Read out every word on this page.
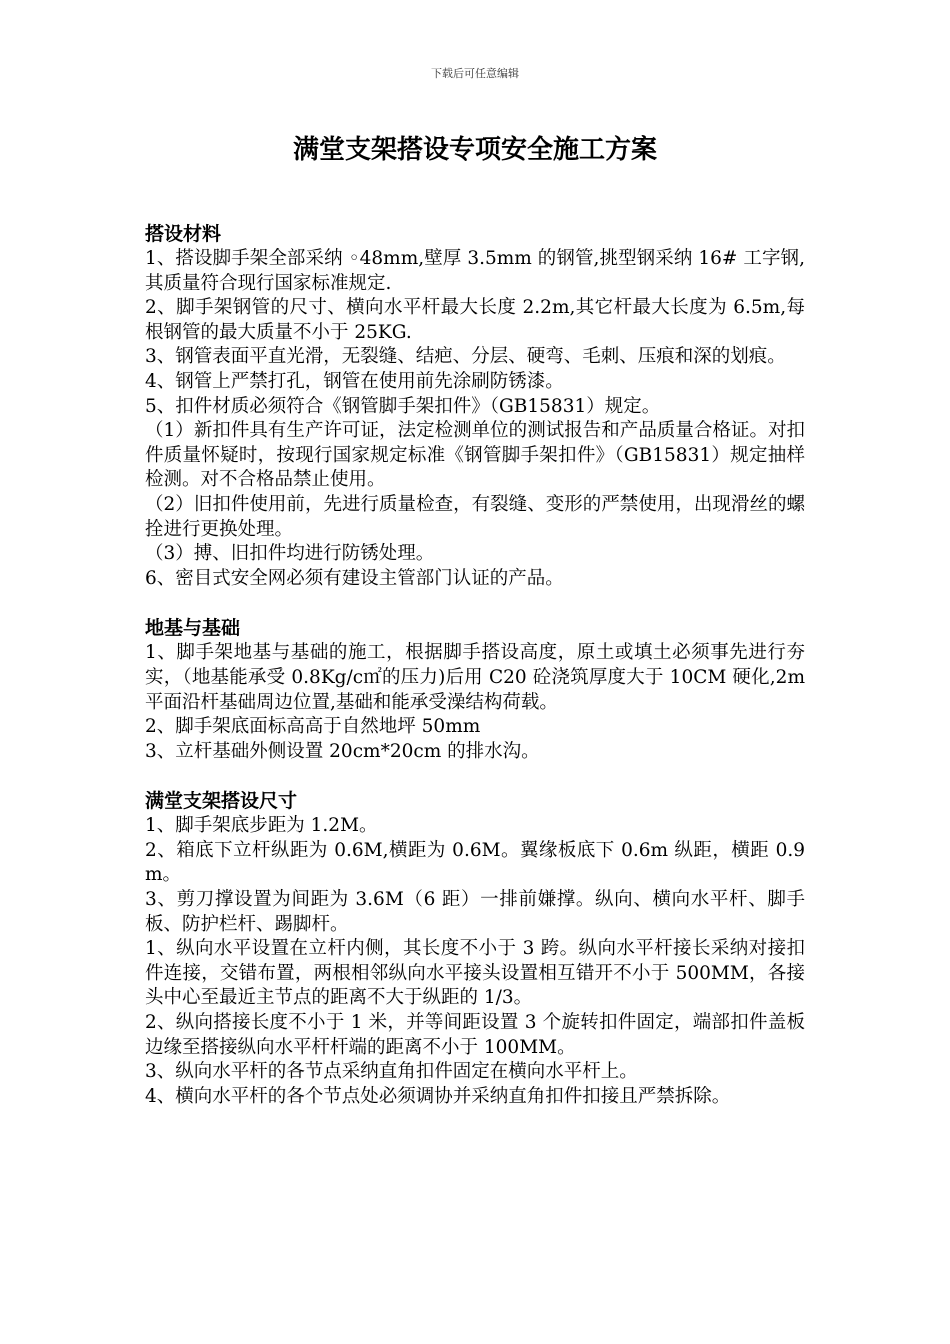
下载后可任意编辑
满堂支架搭设专项安全施工方案

搭设材料

1、搭设脚手架全部采纳 ◦48mm,壁厚 3.5mm 的钢管,挑型钢采纳 16# 工字钢,其质量符合现行国家标准规定.

2、脚手架钢管的尺寸、横向水平杆最大长度 2.2m,其它杆最大长度为 6.5m,每根钢管的最大质量不小于 25KG.

3、钢管表面平直光滑，无裂缝、结疤、分层、硬弯、毛刺、压痕和深的划痕。

4、钢管上严禁打孔，钢管在使用前先涂刷防锈漆。

5、扣件材质必须符合《钢管脚手架扣件》（GB15831）规定。

（1）新扣件具有生产许可证，法定检测单位的测试报告和产品质量合格证。对扣件质量怀疑时，按现行国家规定标准《钢管脚手架扣件》（GB15831）规定抽样检测。对不合格品禁止使用。

（2）旧扣件使用前，先进行质量检查，有裂缝、变形的严禁使用，出现滑丝的螺拴进行更换处理。

（3）搏、旧扣件均进行防锈处理。

6、密目式安全网必须有建设主管部门认证的产品。

地基与基础

1、脚手架地基与基础的施工，根据脚手搭设高度，原土或填土必须事先进行夯实，（地基能承受 0.8Kg/c㎡的压力)后用 C20 砼浇筑厚度大于 10CM 硬化,2m 平面沿杆基础周边位置,基础和能承受澡结构荷载。

2、脚手架底面标高高于自然地坪 50mm

3、立杆基础外侧设置 20cm*20cm 的排水沟。

满堂支架搭设尺寸

1、脚手架底步距为 1.2M。

2、箱底下立杆纵距为 0.6M,横距为 0.6M。翼缘板底下 0.6m 纵距，横距 0.9m。

3、剪刀撑设置为间距为 3.6M（6 距）一排前嫌撑。纵向、横向水平杆、脚手板、防护栏杆、踢脚杆。

1、纵向水平设置在立杆内侧，其长度不小于 3 跨。纵向水平杆接长采纳对接扣件连接，交错布置，两根相邻纵向水平接头设置相互错开不小于 500MM，各接头中心至最近主节点的距离不大于纵距的 1/3。

2、纵向搭接长度不小于 1 米，并等间距设置 3 个旋转扣件固定，端部扣件盖板边缘至搭接纵向水平杆杆端的距离不小于 100MM。

3、纵向水平杆的各节点采纳直角扣件固定在横向水平杆上。

4、横向水平杆的各个节点处必须调协并采纳直角扣件扣接且严禁拆除。
